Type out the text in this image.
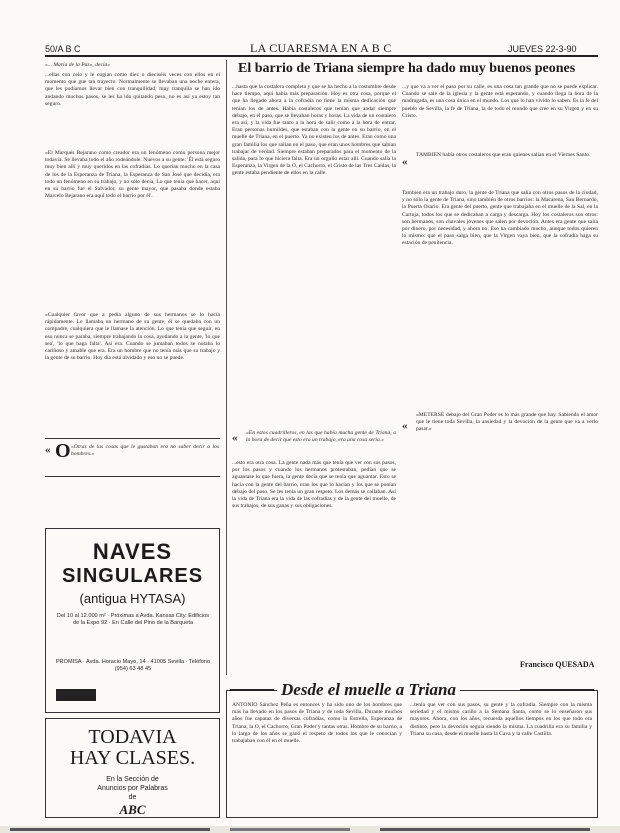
50/A B C	LA CUARESMA EN A B C	JUEVES 22-3-90
«... Maria de la Paz», decia»
...ellas con celo y le cogian como diez o dieciséis veces con ellos en el momento que gue tan trayecto. Normalmente se llevaban una noche entera, que les podíamos llevar bien con tranquilidad, muy tranquila se han ido andando muchos pasos, se les ha ido quitando peso, no es así ya estoy tan seguro.
«El Marqués Bejarano como creador era un fenómeno como persona mejor todavía. Se llevaba todo el año rodeándole. Nuevos a su gente: 'Él está seguro muy bien allí y muy queridos en las cofradías. Lo querían mucho en la casa de los de la Esperanza de Triana, la Esperanza de San José que decidía, era todo un fenómeno en su trabajo, y no sólo decía, Lo que tenía que hacer, aquí en su barrio fue el Salvador, su gente mayor, que pasaba donde estaba Marcelo Bejarano era aquí todo el barrio por él'.
«Cualquier favor que a pedía alguno de sus hermanos se lo hacía rápidamente. Le llamaba un hermano de su gente, él se quedaba con un compadre, cualquiera que le llamase la atención. Lo que tenía que seguir, en eso nunca se paraba, siempre trabajando la cosa, ayudando a la gente, 'lo que sea', 'lo que haga falta'. Así era. Cuando se juntaban todos se notaba lo cariñoso y amable que era. Era un hombre que no tenía más que su trabajo y la gente de su barrio. Hoy día está olvidado y eso no se puede.
« O «Otras de las cosas que le gustaban era no saber decir a los hombres.»
NAVES
SINGULARES
(antigua HYTASA)
Del 10 al 12.000 m² · Próximas a Avda. Kansas City. Edificios de la Expo 92 · En Calle del Pino de la Barqueta
PROMISA · Avda. Horacio Mayo, 14 · 41005 Sevilla · Teléfono (954) 63 48 45
TODAVIA
HAY CLASES.
En la Sección de
Anuncios por Palabras
de
ABC
El barrio de Triana siempre ha dado muy buenos peones
...hasta que la costalera completa y que se ha hecho a la costumbre desde hace tiempo, aquí había más preparación. Hoy es otra cosa, porque el que ha llegado ahora a la cofradía no tiene la misma dedicación que tenían los de antes. Había costaleros que tenían que andar siempre debajo, en el paso, que se llevaban horas y horas. La vida de un costalero era así, y la vida fue tanto a la hora de salir como a la hora de entrar. Eran personas humildes, que estaban con la gente en su barrio, en el muelle de Triana, en el puerto. Ya no existen los de antes. Eran como una gran familia los que salían en el paso, que eran unos hombres que sabían trabajar de verdad. Siempre estaban preparados para el momento de la salida, para lo que hiciera falta. Era un orgullo estar allí. Cuando salía la Esperanza, la Virgen de la O, el Cachorro, el Cristo de las Tres Caídas, la gente estaba pendiente de ellos en la calle.
« «En estos cuadrilleros, en las que había mucha gente de Triana, a la hora de decir que esto era un trabajo, era una cosa seria.»
...esto era otra cosa. La gente nada más que tenía que ver con sus pasos, por los pasos y cuando los hermanos protestaban, pedían que se aguantase lo que fuera, la gente decía que se tenía que aguantar. Esto se hacía con la gente del barrio, eran los que lo hacían y los que se ponían debajo del paso. Se les tenía un gran respeto. Los demás se callaban. Así la vida de Triana era la vida de las cofradías y de la gente del muelle, de sus trabajos, de sus ganas y sus obligaciones.
...y que va a ver el paso por su calle, es una cosa tan grande que no se puede explicar. Cuando se sale de la iglesia y la gente está esperando, y cuando llega la hora de la madrugada, es una cosa única en el mundo. Los que lo han vivido lo saben. Es la fe del pueblo de Sevilla, la fe de Triana, la de todo el mundo que cree en su Virgen y en su Cristo.
«
TAMBIÉN había otros costaleros que eran quienes salían en el Viernes Santo.
Tambien era un trabajo duro, la gente de Triana que salía con otros pasos de la ciudad, y no sólo la gente de Triana, sino también de otros barrios: la Macarena, San Bernardo, la Puerta Osario. Era gente del puerto, gente que trabajaba en el muelle de la Sal, en la Cartuja, todos los que se dedicaban a carga y descarga. Hoy los costaleros son otros: son hermanos, son chavales jóvenes que salen por devoción. Antes era gente que salía por dinero, por necesidad, y ahora no. Eso ha cambiado mucho, aunque todos quieren lo mismo: que el paso salga bien, que la Virgen vaya bien, que la cofradía haga su estación de penitencia.
«
«METERSE debajo del Gran Poder es lo más grande que hay. Sabiendo el amor que le tiene toda Sevilla, la ansiedad y la devoción de la gente que va a verlo pasar.»
Francisco QUESADA
Desde el muelle a Triana
ANTONIO Sánchez Peña es entonces y ha sido uno de los hombres que más ha llevado en los pasos de Triana y de toda Sevilla. Durante muchos años fue capataz de diversas cofradías, como la Estrella, Esperanza de Triana, la O, el Cachorro, Gran Poder y tantas otras. Hombre de su barrio, a lo largo de los años se ganó el respeto de todos los que le conocían y trabajaban con él en el muelle.
...tenía que ver con sus pasos, su gente y la cofradía. Siempre con la misma seriedad y el mismo cariño a la Semana Santa, como se lo enseñaron sus mayores. Ahora, con los años, recuerda aquellos tiempos en los que todo era distinto, pero la devoción seguía siendo la misma. La cuadrilla era su familia y Triana su casa, desde el muelle hasta la Cava y la calle Castilla.
